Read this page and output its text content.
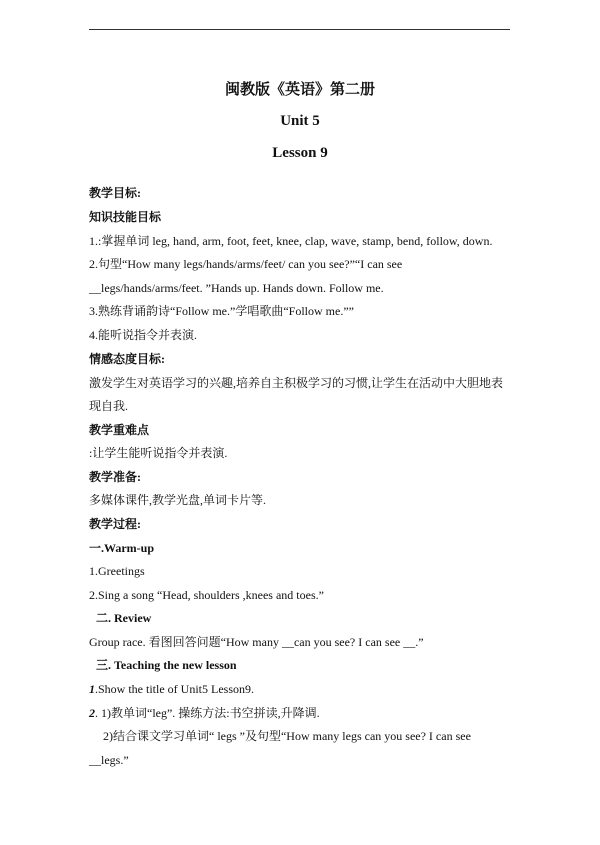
闽教版《英语》第二册
Unit 5
Lesson 9
教学目标:
知识技能目标
1.:掌握单词 leg, hand, arm, foot, feet, knee, clap, wave, stamp, bend, follow, down.
2.句型“How many legs/hands/arms/feet/ can you see?”“I can see
__legs/hands/arms/feet. ”Hands up. Hands down. Follow me.
3.熟练背诵韵诗“Follow me.”学唱歌曲“Follow me.””
4.能听说指令并表演.
情感态度目标:
激发学生对英语学习的兴趣,培养自主积极学习的习惯,让学生在活动中大胆地表
现自我.
教学重难点
:让学生能听说指令并表演.
教学准备:
多媒体课件,教学光盘,单词卡片等.
教学过程:
一.Warm-up
1.Greetings
2.Sing a song “Head, shoulders ,knees and toes.”
二. Review
Group race. 看图回答问题“How many __can you see? I can see __.”
三. Teaching the new lesson
1.Show the title of Unit5 Lesson9.
2. 1)教单词“leg”. 操练方法:书空拼读,升降调.
2)结合课文学习单词“ legs ”及句型“How many legs can you see? I can see
__legs.”
